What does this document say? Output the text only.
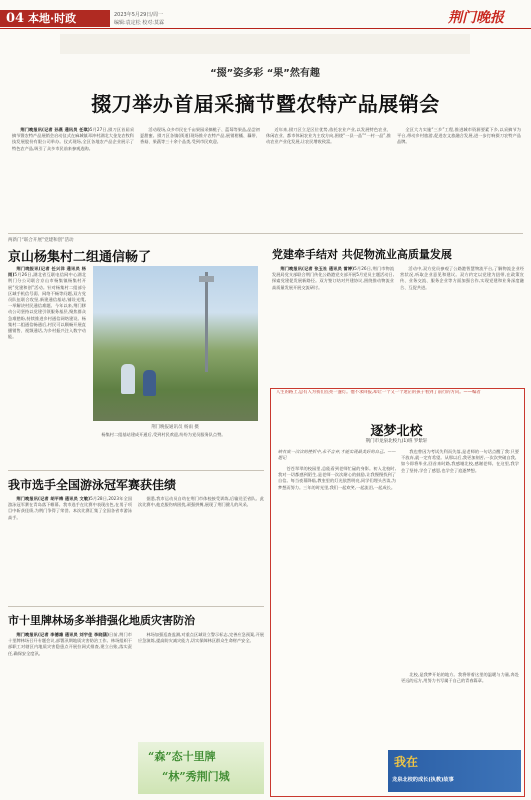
04 本地·时政	2023年5月29日/周一
编辑:袁定松 校对:莫霖	荆门晚报
“掇”姿多彩 “果”然有趣
掇刀举办首届采摘节暨农特产品展销会

荆门晚报讯(记者 孙燕 通讯员 任琪)5月27日,掇刀区首届采摘节暨农特产品展销会启动仪式在麻城镇邓冲村湖北大金龙农牧科技发展股份有限公司举办。仪式现场,全区各地农产品企业展示了特色农产品,吸引了众多市民前来参观选购。

活动现场,众多市民在千亩果园采摘桃子、蓝莓等果品,品尝初夏甜蜜。掇刀区各镇(街道)现场推介农特产品,展销柑橘、藕带、香菇、果蔬等三十余个品类,受到市民欢迎。

近年来,掇刀区立足区位优势,依托农业产业,以发展特色农业、休闲农业、都市休闲农业为主攻方向,围绕“一县一品”“一村一品”,推动农业产业化发展,让农民增收致富。

全区大力实施“三乡”工程,推进城市资源要素下乡,以采摘节为平台,带动乡村旅游,促进农文旅融合发展,进一步打响掇刀农特产品品牌。

两新门“联合开展”党建和创”活动
京山杨集村二组通信畅了

荆门晚报讯(记者 任兴洋 通讯员 杨雨)5月26日,湖北省互联电信网中心湖北荆门分公司联合京山市杨集镇杨集村开展“党建和创”活动。针对杨集村二组部分区域手机信号弱、网络不畅等问题,双方党员队伍联合攻坚,新建通信基站,铺设光缆,一举解决村民通信难题。今年以来,荆门移动公司坚持以党建引领服务基层,聚焦群众急难愁盼,持续推进乡村通信网络建设。杨集村二组通信畅通后,村民可以顺畅开展直播销售、视频通话,为乡村振兴注入数字动能。

荆门晚报通讯员 杨雨 摄

杨集村二组基站建成开通后,受到村民欢迎,纷纷为党员服务队点赞。

党建牵手结对 共促物流业高质量发展

荆门晚报讯(记者 张玉社 通讯员 雷婷)5月26日,荆门市物流发展局党支部联合荆门传化公路港党支部开展5月党员主题活动日,探索党建促发展新路径。双方签订结对共建协议,围绕推动物流业高质量发展开展交流研讨。

活动中,双方党员参观了公路港智慧物流平台,了解物流企业经营状况,听取企业意见和建议。双方约定以党建为纽带,在政策宣传、业务交流、服务企业等方面加强合作,实现党建和业务深度融合、互促共进。

人生的路上,总有人为我们点亮一盏灯。他不求回报,却让一个又一个迷茫的孩子看到了前行的方向。——编者
逐梦北校
荆门市龙泉北校九(1)班 罗紫轩
峡有底一次次的挫折中,永不言弃,才能实现最美好的自己。——题记

苍苍翠翠的校园里,总能看到老师忙碌的身影。初入北校时,我对一切都感到陌生,是老师一次次耐心的鼓励,让我慢慢找到了自信。每当夜幕降临,教室里的灯光依然明亮,同学们埋头苦读,为梦想而努力。三年的时光里,我们一起欢笑,一起流泪,一起成长。

我也曾因为考试失利而失落,是老师的一句话点醒了我:只要不放弃,就一定有希望。从那以后,我更加刻苦,一次次突破自我。如今即将毕业,回首来时路,我感谢北校,感谢老师。在这里,我学会了坚持,学会了感恩,也学会了追逐梦想。

北校,是我梦开始的地方。我将带着这里的温暖与力量,奔赴更远的远方,用努力书写属于自己的青春篇章。

我在
龙泉北校的成长(执教)故事
我市选手全国游泳冠军赛获佳绩

荆门晚报讯(记者 胡平梅 通讯员 文敏)5月28日,2023年全国游泳冠军赛在青岛落下帷幕。我市选手在比赛中表现出色,在男子项目中斩获佳绩,为荆门争得了荣誉。本次比赛汇集了全国各省市游泳高手。

据悉,我市运动员自幼在荆门市体校接受训练,后输送至省队。此次比赛中,他克服伤病困扰,顽强拼搏,展现了荆门健儿的风采。

市十里牌林场多举措强化地质灾害防治

荆门晚报讯(记者 李德雄 通讯员 刘宇佳 李晓涵)日前,荆门市十里牌林场召开专题会议,部署汛期地质灾害防治工作。林场组织干部职工对辖区内地质灾害隐患点开展拉网式排查,建立台账,落实责任,确保安全度汛。

林场加强巡查监测,对重点区域设立警示标志,完善应急预案,开展应急演练,提高防灾减灾能力,切实保障林区群众生命财产安全。

“森”态十里牌
“林”秀荆门城
